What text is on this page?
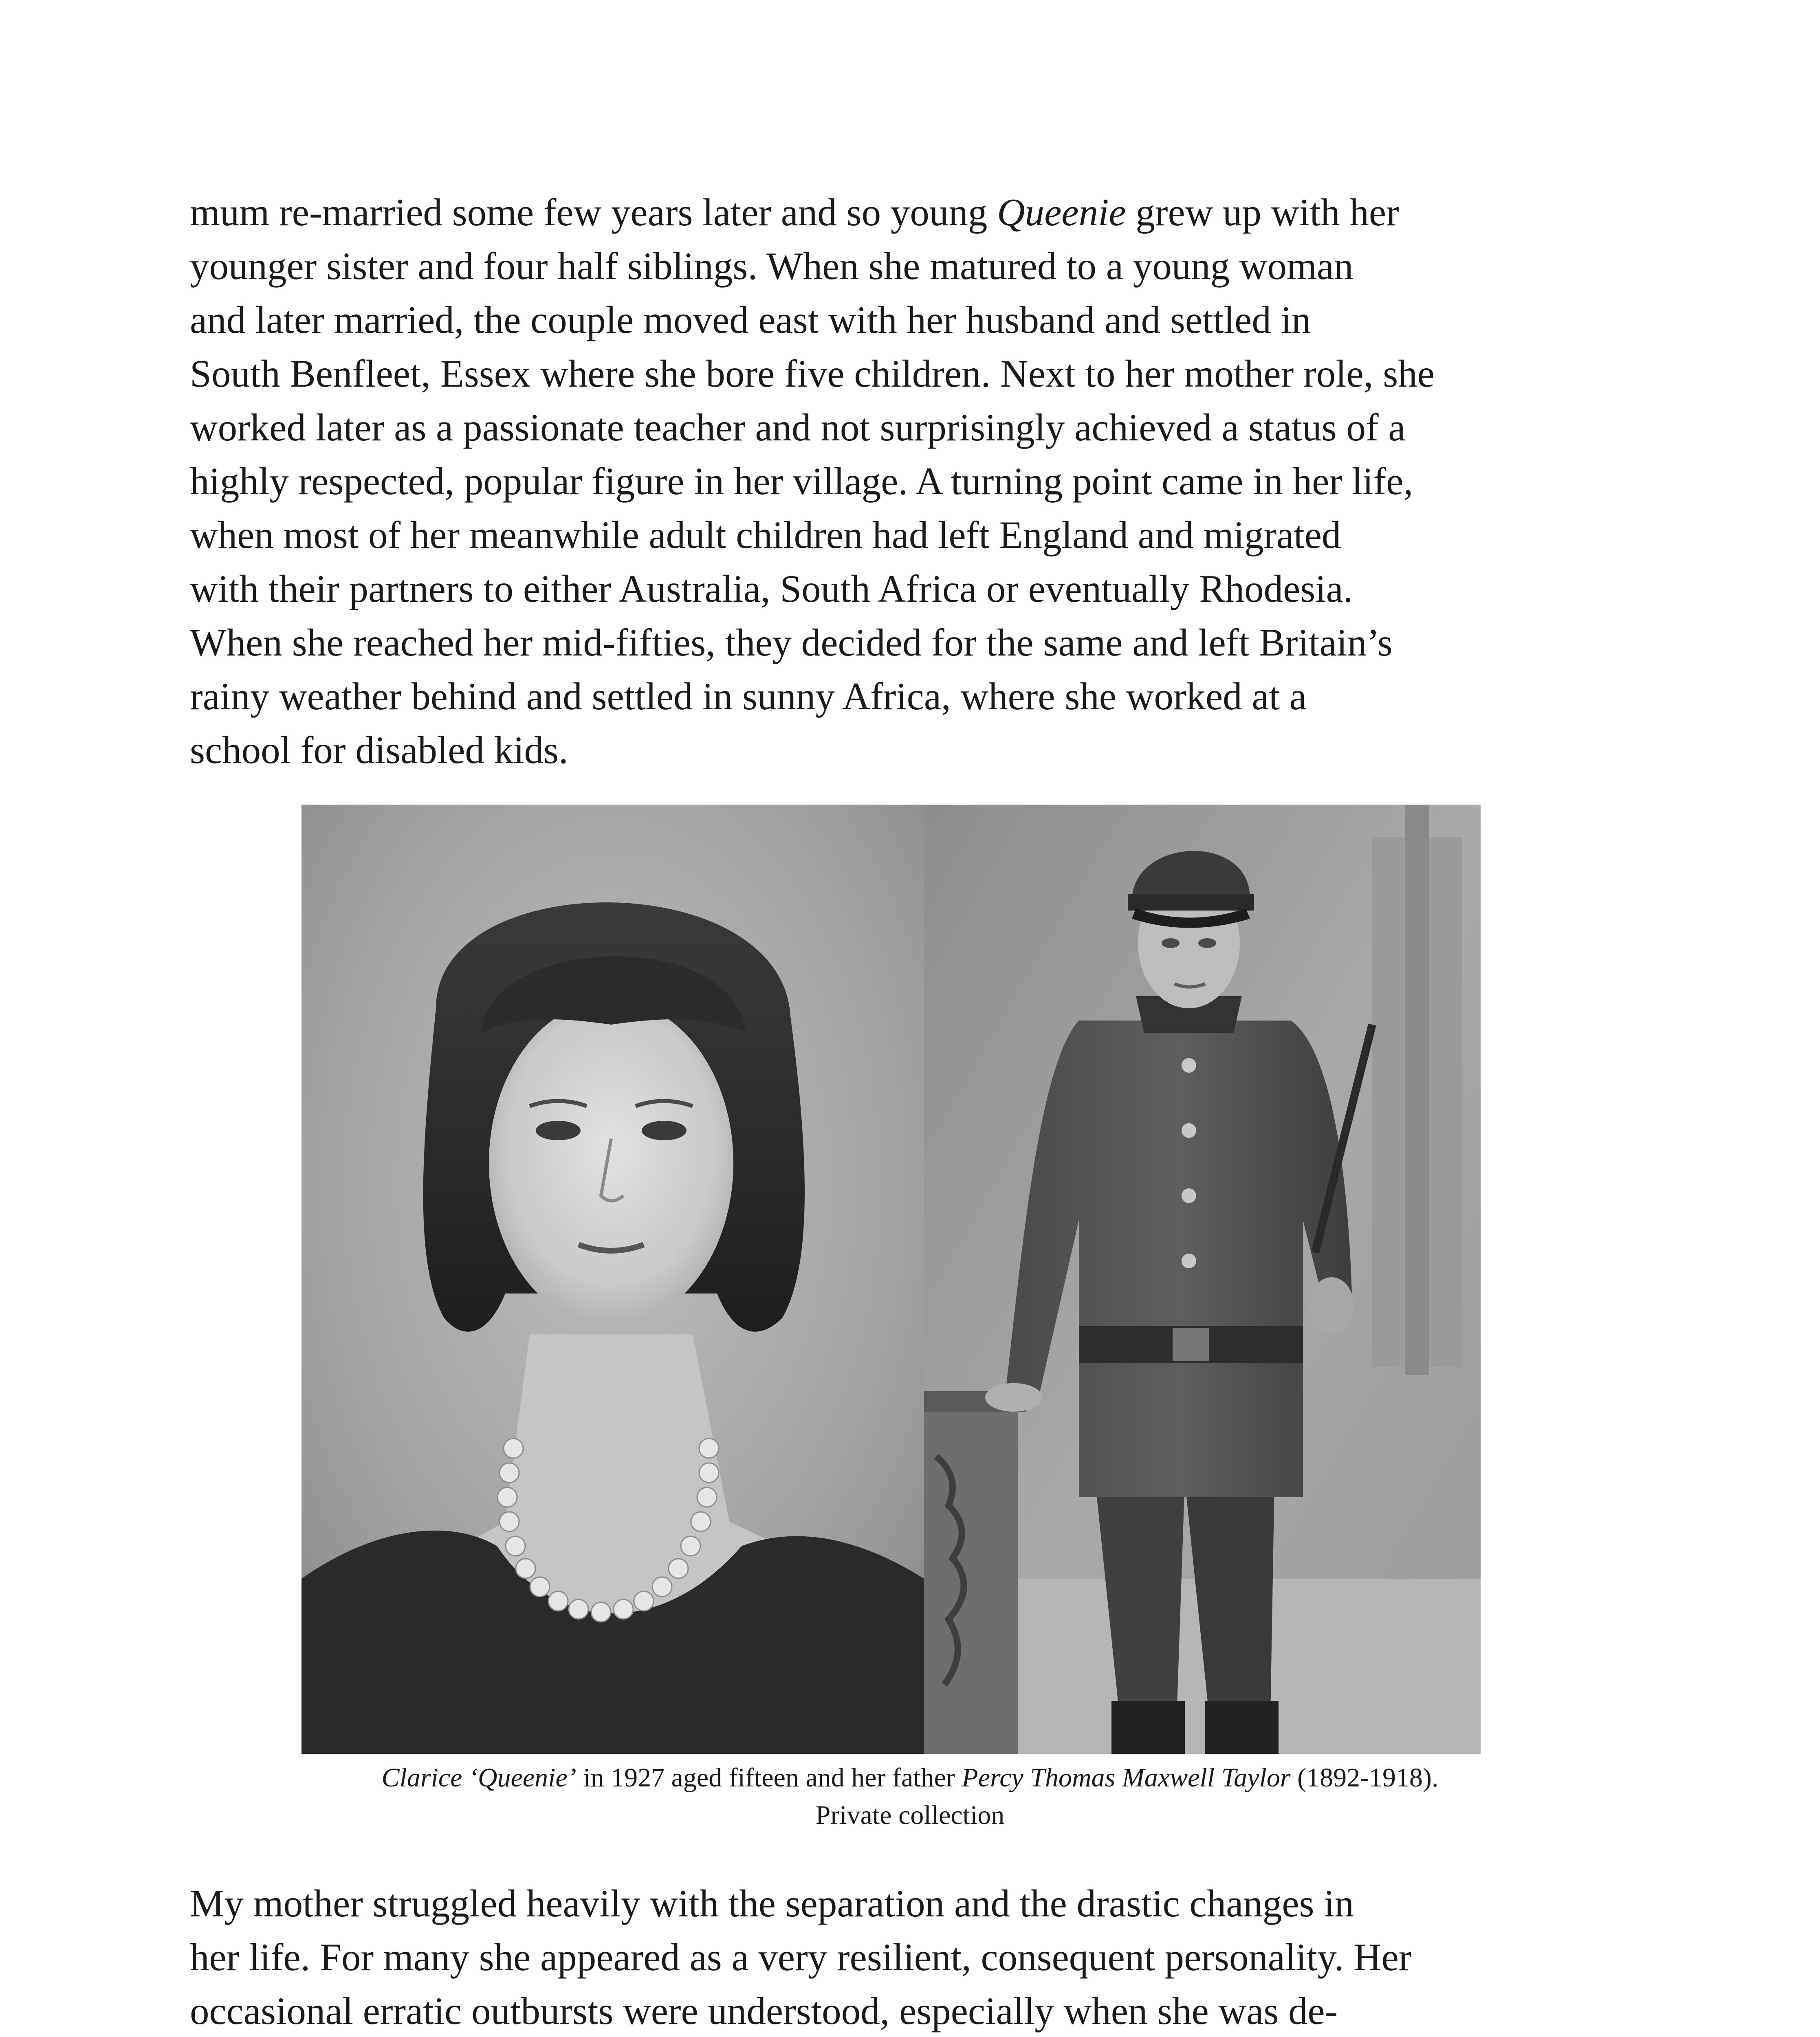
mum re-married some few years later and so young Queenie grew up with her
younger sister and four half siblings. When she matured to a young woman
and later married, the couple moved east with her husband and settled in
South Benfleet, Essex where she bore five children. Next to her mother role, she
worked later as a passionate teacher and not surprisingly achieved a status of a
highly respected, popular figure in her village. A turning point came in her life,
when most of her meanwhile adult children had left England and migrated
with their partners to either Australia, South Africa or eventually Rhodesia.
When she reached her mid-fifties, they decided for the same and left Britain’s
rainy weather behind and settled in sunny Africa, where she worked at a
school for disabled kids.

Clarice ‘Queenie’ in 1927 aged fifteen and her father Percy Thomas Maxwell Taylor (1892-1918).
Private collection

My mother struggled heavily with the separation and the drastic changes in
her life. For many she appeared as a very resilient, consequent personality. Her
occasional erratic outbursts were understood, especially when she was de-
